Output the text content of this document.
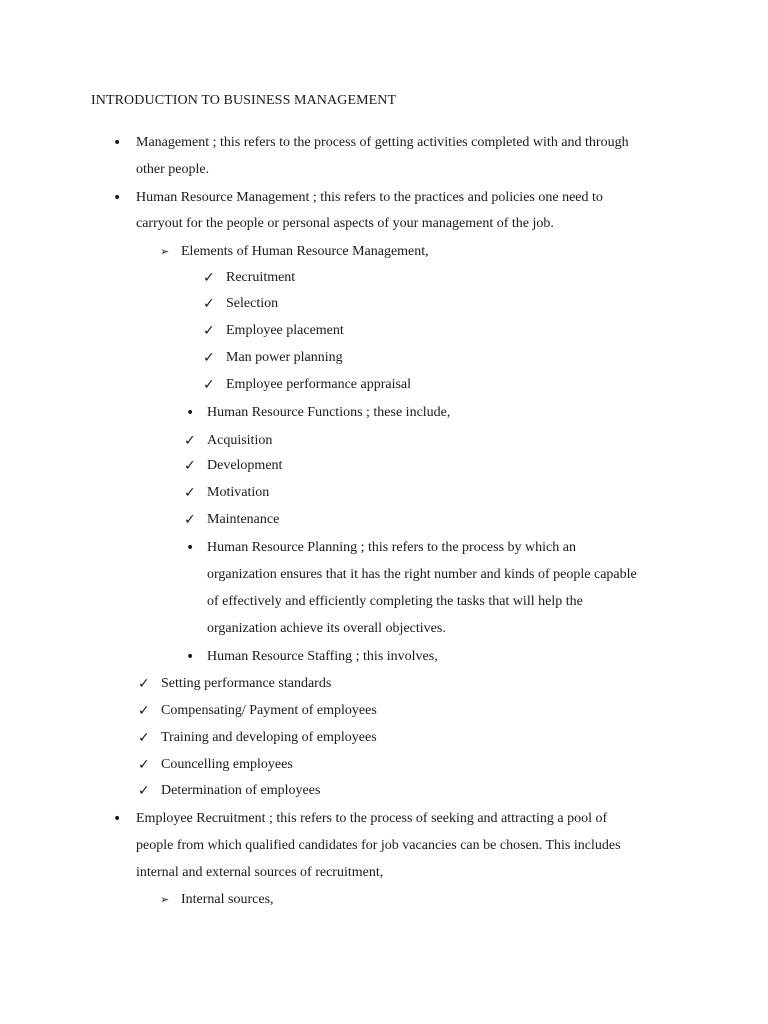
INTRODUCTION TO BUSINESS MANAGEMENT
• Management ; this refers to the process of getting activities completed with and through
other people.
• Human Resource Management ; this refers to the practices and policies one need to
carryout for the people or personal aspects of your management of the job.
➢ Elements of Human Resource Management,
✓ Recruitment
✓ Selection
✓ Employee placement
✓ Man power planning
✓ Employee performance appraisal
• Human Resource Functions ; these include,
✓ Acquisition
✓ Development
✓ Motivation
✓ Maintenance
• Human Resource Planning ; this refers to the process by which an
organization ensures that it has the right number and kinds of people capable
of effectively and efficiently completing the tasks that will help the
organization achieve its overall objectives.
• Human Resource Staffing ; this involves,
✓ Setting performance standards
✓ Compensating/ Payment of employees
✓ Training and developing of employees
✓ Councelling employees
✓ Determination of employees
• Employee Recruitment ; this refers to the process of seeking and attracting a pool of
people from which qualified candidates for job vacancies can be chosen. This includes
internal and external sources of recruitment,
➢ Internal sources,
